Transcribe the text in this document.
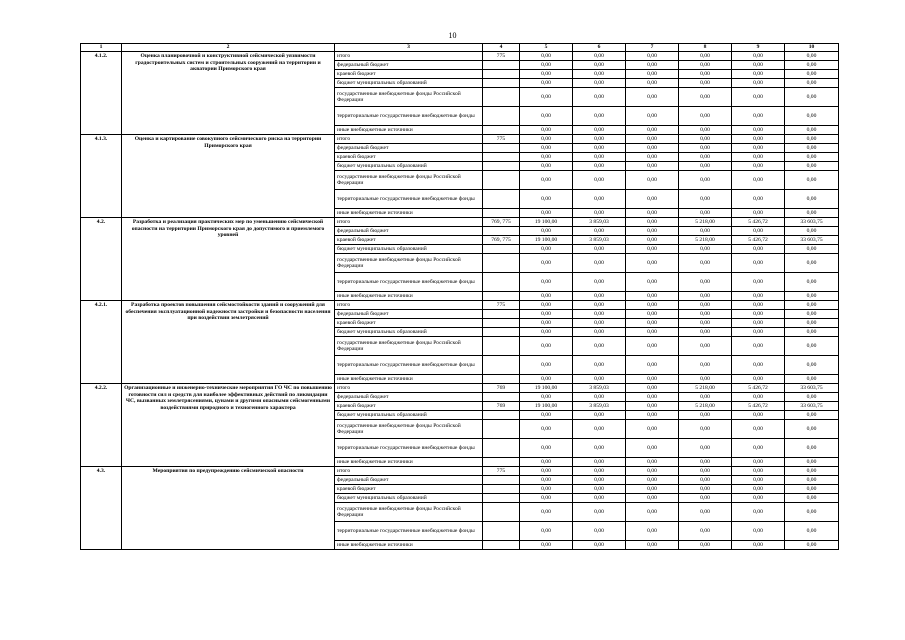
10
1	2	3	4	5	6	7	8	9	10
4.1.2.	Оценка планировочной и конструктивной сейсмической уязвимости градостроительных систем и строительных сооружений на территории и акватории Приморского края	итого	775	0,00	0,00	0,00	0,00	0,00	0,00
		федеральный бюджет		0,00	0,00	0,00	0,00	0,00	0,00
		краевой бюджет		0,00	0,00	0,00	0,00	0,00	0,00
		бюджет муниципальных образований		0,00	0,00	0,00	0,00	0,00	0,00
		государственные внебюджетные фонды Российской Федерации		0,00	0,00	0,00	0,00	0,00	0,00
		территориальные государственные внебюджетные фонды		0,00	0,00	0,00	0,00	0,00	0,00
		иные внебюджетные источники		0,00	0,00	0,00	0,00	0,00	0,00
4.1.3.	Оценка и картирование совокупного сейсмического риска на территории Приморского края	итого	775	0,00	0,00	0,00	0,00	0,00	0,00
		федеральный бюджет		0,00	0,00	0,00	0,00	0,00	0,00
		краевой бюджет		0,00	0,00	0,00	0,00	0,00	0,00
		бюджет муниципальных образований		0,00	0,00	0,00	0,00	0,00	0,00
		государственные внебюджетные фонды Российской Федерации		0,00	0,00	0,00	0,00	0,00	0,00
		территориальные государственные внебюджетные фонды		0,00	0,00	0,00	0,00	0,00	0,00
		иные внебюджетные источники		0,00	0,00	0,00	0,00	0,00	0,00
4.2.	Разработка и реализация практических мер по уменьшению сейсмической опасности на территории Приморского края до допустимого и приемлемого уровней	итого	769, 775	19 100,00	3 859,03	0,00	5 218,00	5 426,72	33 603,75
		федеральный бюджет		0,00	0,00	0,00	0,00	0,00	0,00
		краевой бюджет	769, 775	19 100,00	3 859,03	0,00	5 218,00	5 426,72	33 603,75
		бюджет муниципальных образований		0,00	0,00	0,00	0,00	0,00	0,00
		государственные внебюджетные фонды Российской Федерации		0,00	0,00	0,00	0,00	0,00	0,00
		территориальные государственные внебюджетные фонды		0,00	0,00	0,00	0,00	0,00	0,00
		иные внебюджетные источники		0,00	0,00	0,00	0,00	0,00	0,00
4.2.1.	Разработка проектов повышения сейсмостойкости зданий и сооружений для обеспечения эксплуатационной надежности застройки и безопасности населения при воздействии землетрясений	итого	775	0,00	0,00	0,00	0,00	0,00	0,00
		федеральный бюджет		0,00	0,00	0,00	0,00	0,00	0,00
		краевой бюджет		0,00	0,00	0,00	0,00	0,00	0,00
		бюджет муниципальных образований		0,00	0,00	0,00	0,00	0,00	0,00
		государственные внебюджетные фонды Российской Федерации		0,00	0,00	0,00	0,00	0,00	0,00
		территориальные государственные внебюджетные фонды		0,00	0,00	0,00	0,00	0,00	0,00
		иные внебюджетные источники		0,00	0,00	0,00	0,00	0,00	0,00
4.2.2.	Организационные и инженерно-технические мероприятия ГО ЧС по повышению готовности сил и средств для наиболее эффективных действий по ликвидации ЧС, вызванных землетрясениями, цунами и другими опасными сейсмогенными воздействиями природного и техногенного характера	итого	769	19 100,00	3 859,03	0,00	5 218,00	5 426,72	33 603,75
		федеральный бюджет		0,00	0,00	0,00	0,00	0,00	0,00
		краевой бюджет	769	19 100,00	3 859,03	0,00	5 218,00	5 426,72	33 603,75
		бюджет муниципальных образований		0,00	0,00	0,00	0,00	0,00	0,00
		государственные внебюджетные фонды Российской Федерации		0,00	0,00	0,00	0,00	0,00	0,00
		территориальные государственные внебюджетные фонды		0,00	0,00	0,00	0,00	0,00	0,00
		иные внебюджетные источники		0,00	0,00	0,00	0,00	0,00	0,00
4.3.	Мероприятия по предупреждению сейсмической опасности	итого	775	0,00	0,00	0,00	0,00	0,00	0,00
		федеральный бюджет		0,00	0,00	0,00	0,00	0,00	0,00
		краевой бюджет		0,00	0,00	0,00	0,00	0,00	0,00
		бюджет муниципальных образований		0,00	0,00	0,00	0,00	0,00	0,00
		государственные внебюджетные фонды Российской Федерации		0,00	0,00	0,00	0,00	0,00	0,00
		территориальные государственные внебюджетные фонды		0,00	0,00	0,00	0,00	0,00	0,00
		иные внебюджетные источники		0,00	0,00	0,00	0,00	0,00	0,00
